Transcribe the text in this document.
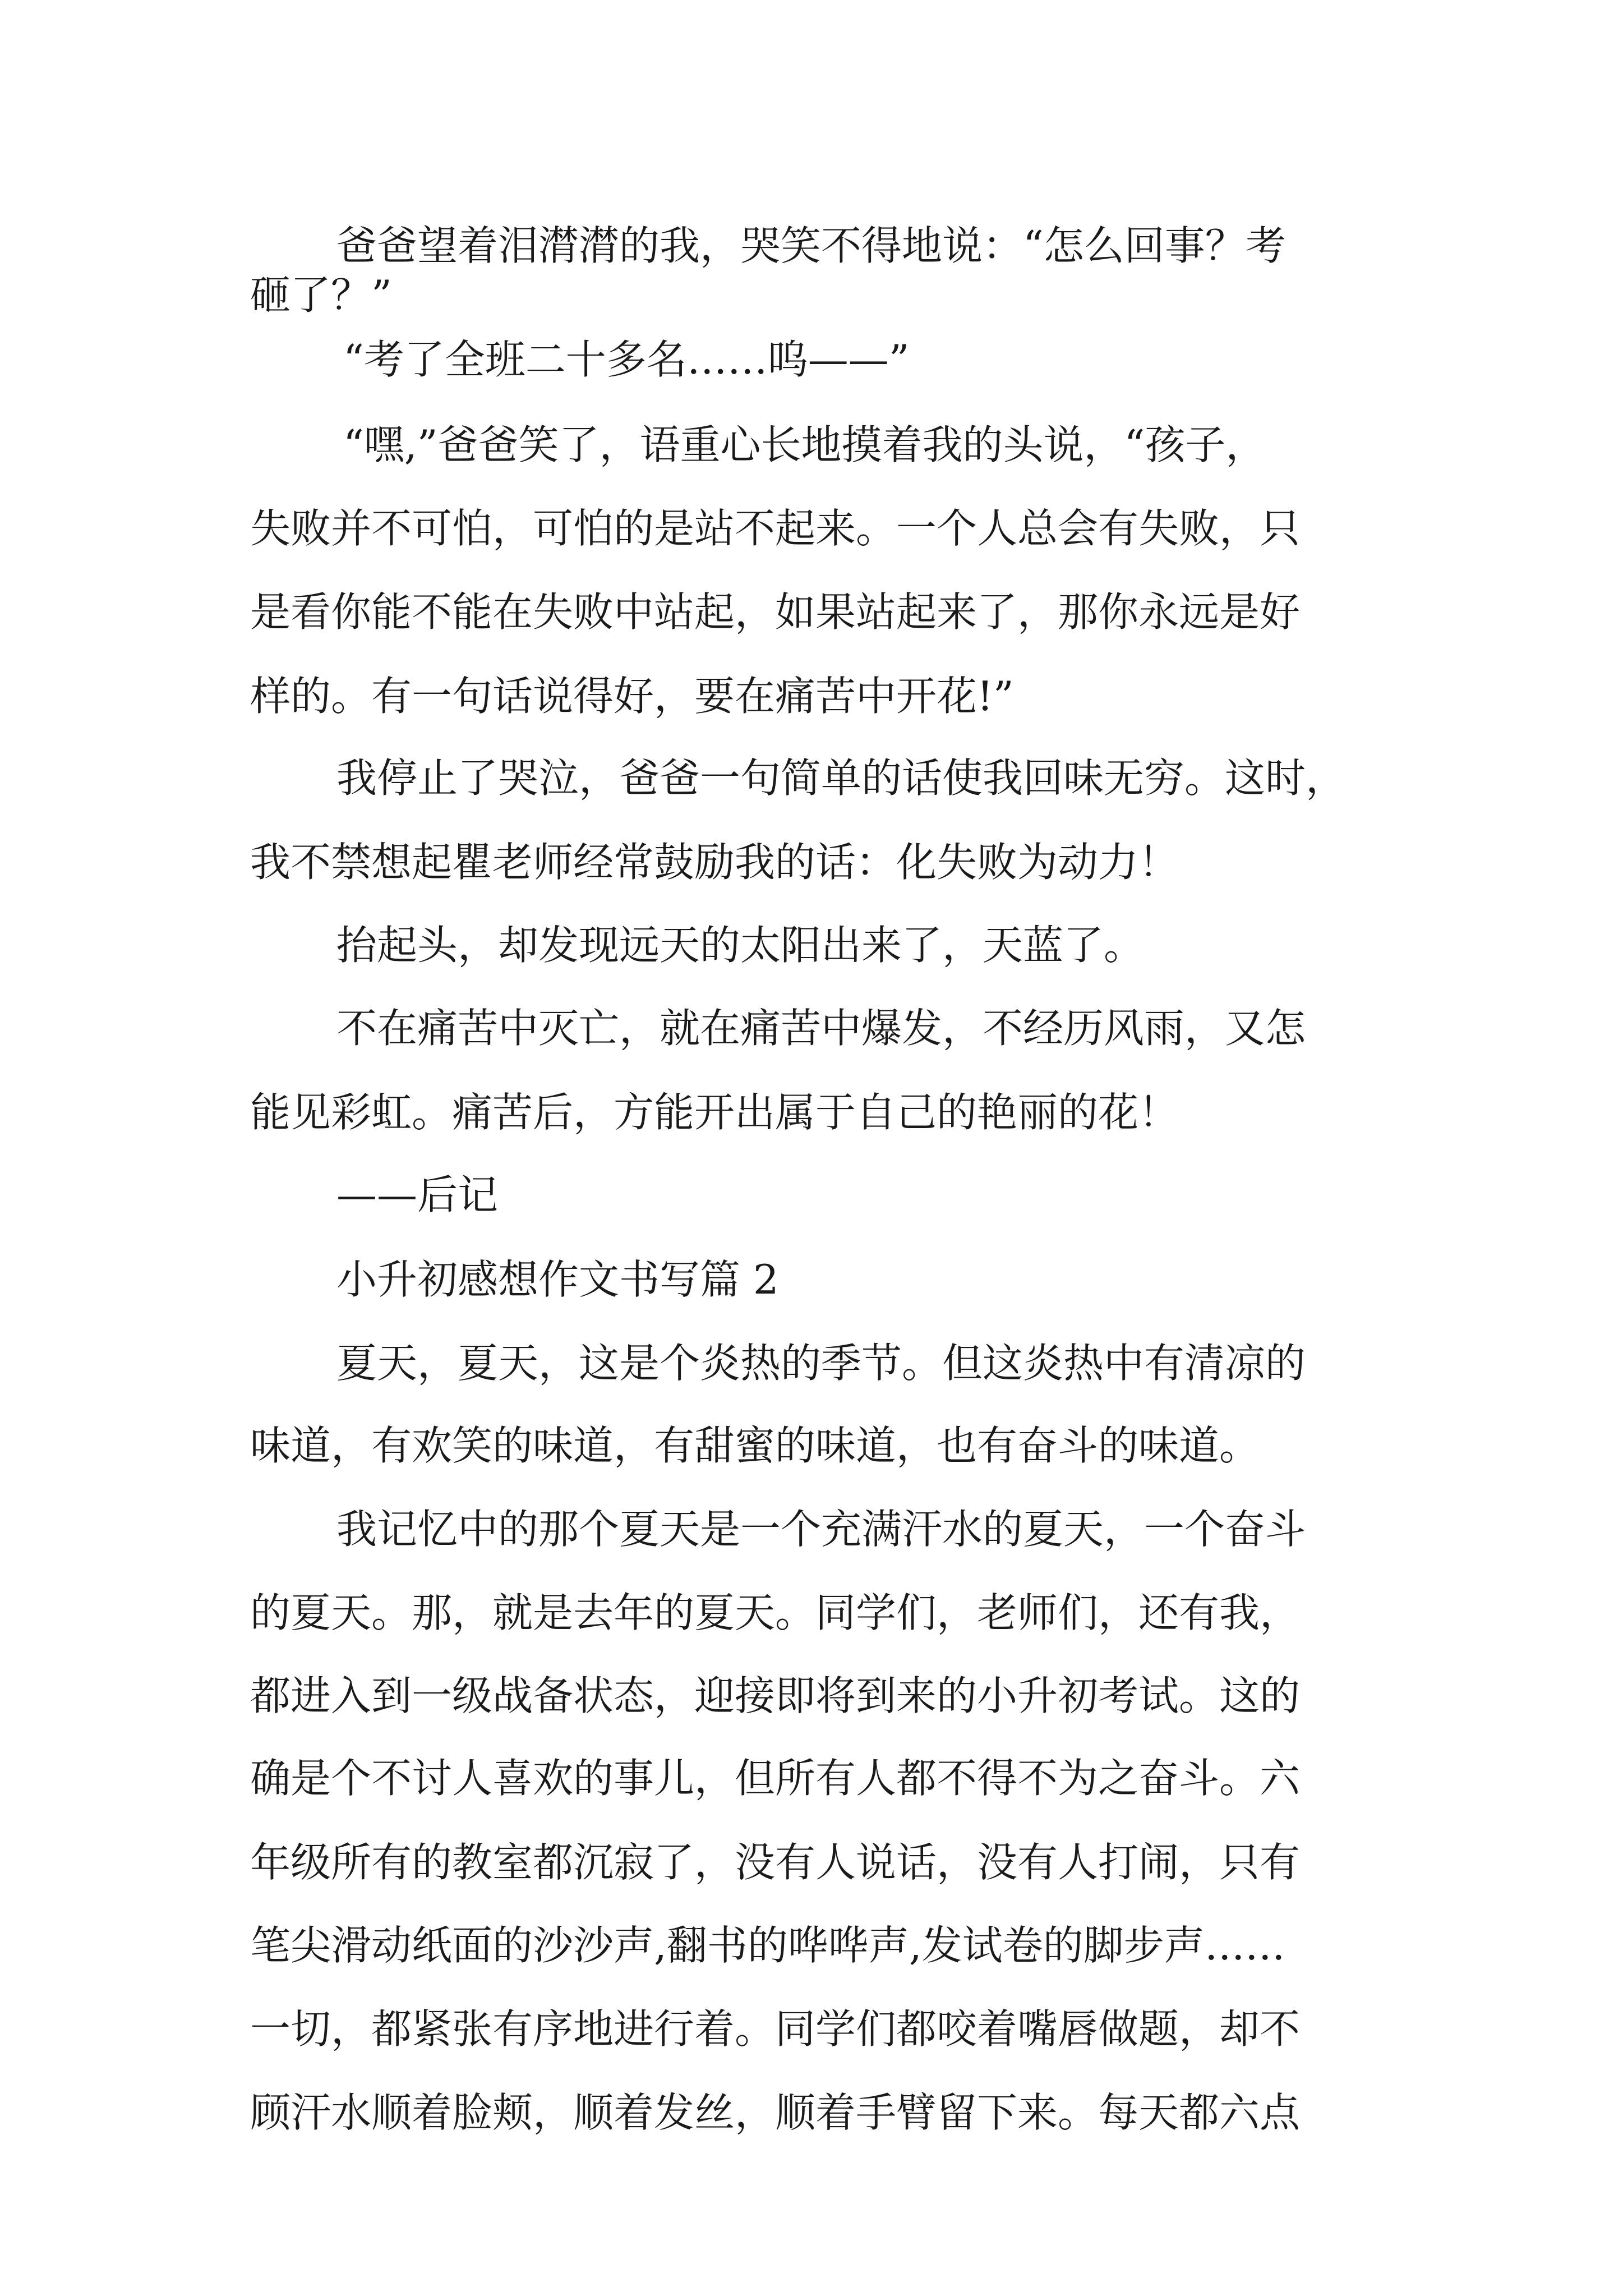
爸爸望着泪潸潸的我，哭笑不得地说：“怎么回事？考
砸了？”
“考了全班二十多名……呜——”
“嘿,”爸爸笑了，语重心长地摸着我的头说，“孩子，
失败并不可怕，可怕的是站不起来。一个人总会有失败，只
是看你能不能在失败中站起，如果站起来了，那你永远是好
样的。有一句话说得好，要在痛苦中开花!”
我停止了哭泣，爸爸一句简单的话使我回味无穷。这时，
我不禁想起瞿老师经常鼓励我的话：化失败为动力！
抬起头，却发现远天的太阳出来了，天蓝了。
不在痛苦中灭亡，就在痛苦中爆发，不经历风雨，又怎
能见彩虹。痛苦后，方能开出属于自己的艳丽的花！
——后记
小升初感想作文书写篇 2
夏天，夏天，这是个炎热的季节。但这炎热中有清凉的
味道，有欢笑的味道，有甜蜜的味道，也有奋斗的味道。
我记忆中的那个夏天是一个充满汗水的夏天，一个奋斗
的夏天。那，就是去年的夏天。同学们，老师们，还有我，
都进入到一级战备状态，迎接即将到来的小升初考试。这的
确是个不讨人喜欢的事儿，但所有人都不得不为之奋斗。六
年级所有的教室都沉寂了，没有人说话，没有人打闹，只有
笔尖滑动纸面的沙沙声,翻书的哗哗声,发试卷的脚步声……
一切，都紧张有序地进行着。同学们都咬着嘴唇做题，却不
顾汗水顺着脸颊，顺着发丝，顺着手臂留下来。每天都六点
